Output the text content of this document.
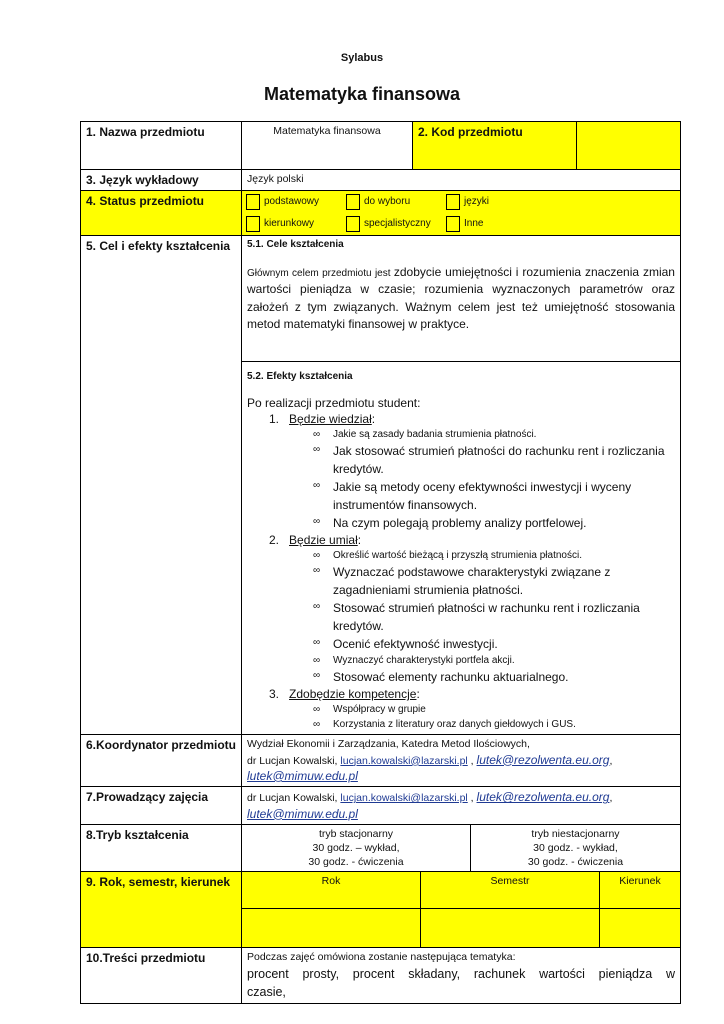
Sylabus
Matematyka finansowa
1. Nazwa przedmiotu	Matematyka finansowa	2. Kod przedmiotu	
3. Język wykładowy	Język polski
4. Status przedmiotu	podstawowy	do wyboru	języki
kierunkowy	specjalistyczny	Inne

5. Cel i efekty kształcenia	5.1. Cele kształcenia
Głównym celem przedmiotu jest zdobycie umiejętności i rozumienia znaczenia zmian wartości pieniądza w czasie; rozumienia wyznaczonych parametrów oraz założeń z tym związanych. Ważnym celem jest też umiejętność stosowania metod matematyki finansowej w praktyce.

5.2. Efekty kształcenia
Po realizacji przedmiotu student:
1. Będzie wiedział:
∞ Jakie są zasady badania strumienia płatności.
∞ Jak stosować strumień płatności do rachunku rent i rozliczania kredytów.
∞ Jakie są metody oceny efektywności inwestycji i wyceny instrumentów finansowych.
∞ Na czym polegają problemy analizy portfelowej.
2. Będzie umiał:
∞ Określić wartość bieżącą i przyszłą strumienia płatności.
∞ Wyznaczać podstawowe charakterystyki związane z zagadnieniami strumienia płatności.
∞ Stosować strumień płatności w rachunku rent i rozliczania kredytów.
∞ Ocenić efektywność inwestycji.
∞ Wyznaczyć charakterystyki portfela akcji.
∞ Stosować elementy rachunku aktuarialnego.
3. Zdobędzie kompetencje:
∞ Współpracy w grupie
∞ Korzystania z literatury oraz danych giełdowych i GUS.

6.Koordynator przedmiotu	Wydział Ekonomii i Zarządzania, Katedra Metod Ilościowych,
dr Lucjan Kowalski, lucjan.kowalski@lazarski.pl , lutek@rezolwenta.eu.org,
lutek@mimuw.edu.pl

7.Prowadzący zajęcia	dr Lucjan Kowalski, lucjan.kowalski@lazarski.pl , lutek@rezolwenta.eu.org,
lutek@mimuw.edu.pl

8.Tryb kształcenia		tryb stacjonarny
30 godz. – wykład,
30 godz. - ćwiczenia

tryb niestacjonarny
30 godz. - wykład,
30 godz. - ćwiczenia

9. Rok, semestr, kierunek		Rok	Semestr	Kierunek

10.Treści przedmiotu	Podczas zajęć omówiona zostanie następująca tematyka:
procent prosty, procent składany, rachunek wartości pieniądza w czasie,
